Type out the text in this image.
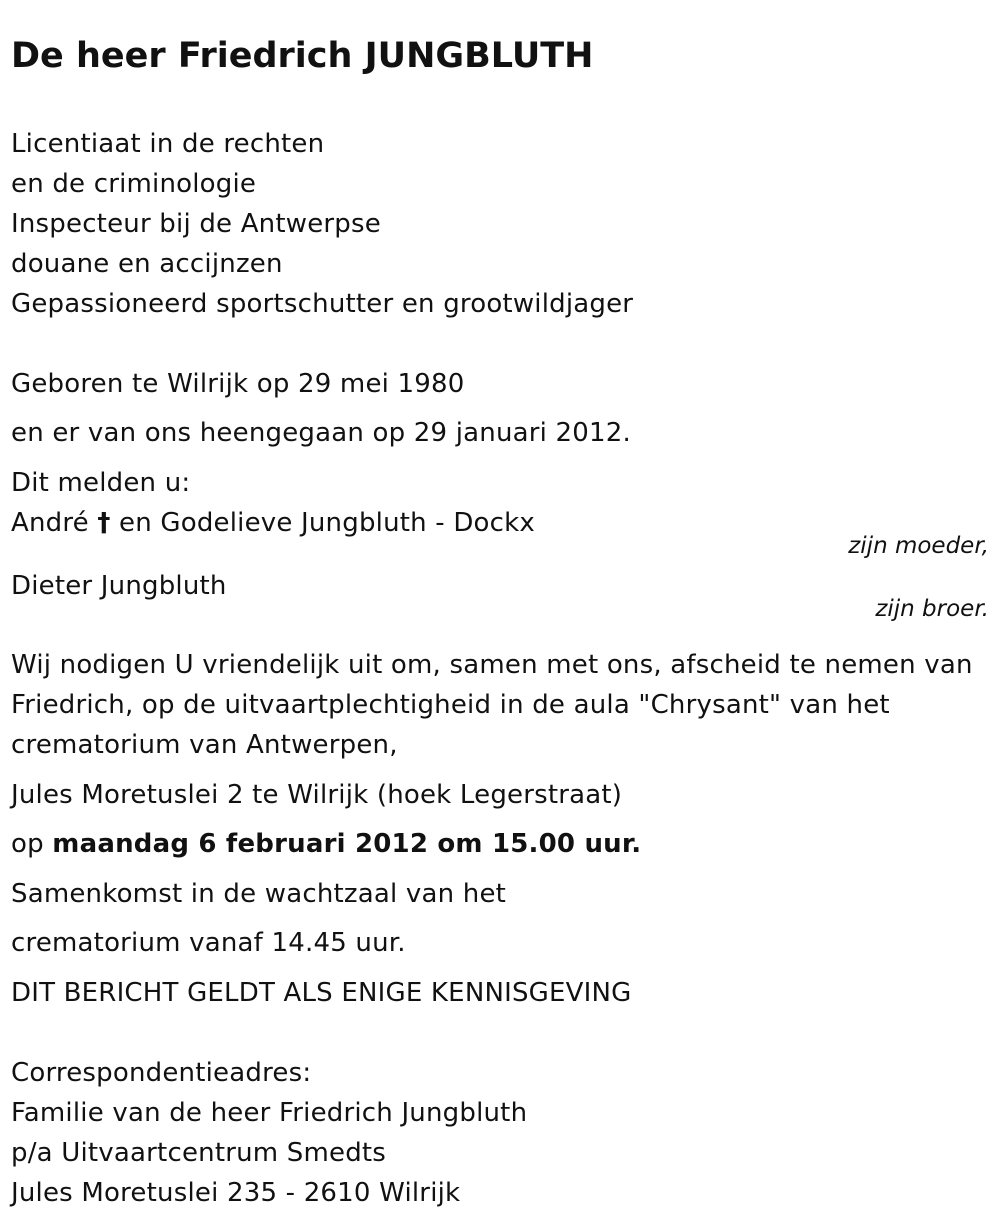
De heer Friedrich JUNGBLUTH
Licentiaat in de rechten
en de criminologie
Inspecteur bij de Antwerpse
douane en accijnzen
Gepassioneerd sportschutter en grootwildjager
Geboren te Wilrijk op 29 mei 1980
en er van ons heengegaan op 29 januari 2012.
Dit melden u:
André † en Godelieve Jungbluth - Dockx
zijn moeder,
Dieter Jungbluth
zijn broer.
Wij nodigen U vriendelijk uit om, samen met ons, afscheid te nemen van
Friedrich, op de uitvaartplechtigheid in de aula "Chrysant" van het
crematorium van Antwerpen,
Jules Moretuslei 2 te Wilrijk (hoek Legerstraat)
op maandag 6 februari 2012 om 15.00 uur.
Samenkomst in de wachtzaal van het
crematorium vanaf 14.45 uur.
DIT BERICHT GELDT ALS ENIGE KENNISGEVING
Correspondentieadres:
Familie van de heer Friedrich Jungbluth
p/a Uitvaartcentrum Smedts
Jules Moretuslei 235 - 2610 Wilrijk
